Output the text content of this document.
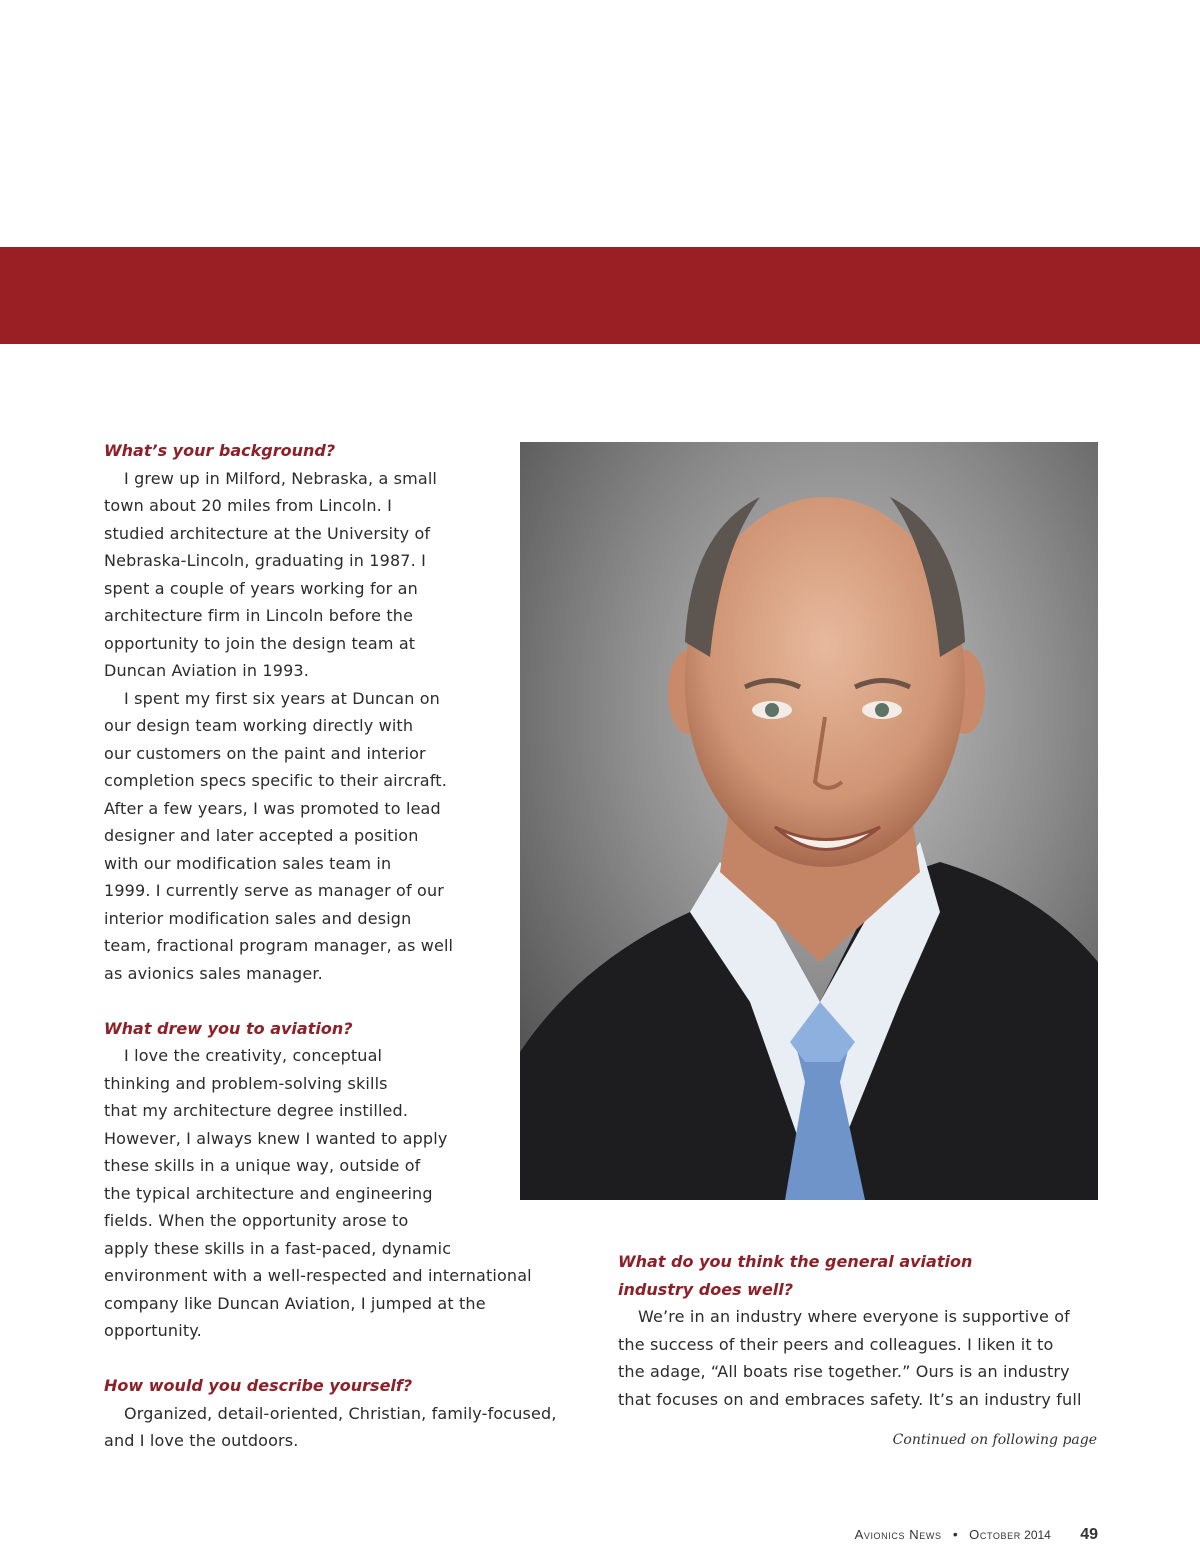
What’s your background?

I grew up in Milford, Nebraska, a small

town about 20 miles from Lincoln. I

studied architecture at the University of

Nebraska-Lincoln, graduating in 1987. I

spent a couple of years working for an

architecture firm in Lincoln before the

opportunity to join the design team at

Duncan Aviation in 1993.

I spent my first six years at Duncan on

our design team working directly with

our customers on the paint and interior

completion specs specific to their aircraft.

After a few years, I was promoted to lead

designer and later accepted a position

with our modification sales team in

1999. I currently serve as manager of our

interior modification sales and design

team, fractional program manager, as well

as avionics sales manager.

What drew you to aviation?

I love the creativity, conceptual

thinking and problem-solving skills

that my architecture degree instilled.

However, I always knew I wanted to apply

these skills in a unique way, outside of

the typical architecture and engineering

fields. When the opportunity arose to

apply these skills in a fast-paced, dynamic

environment with a well-respected and international

company like Duncan Aviation, I jumped at the

opportunity.

How would you describe yourself?

Organized, detail-oriented, Christian, family-focused,

and I love the outdoors.

What do you think the general aviation

industry does well?

We’re in an industry where everyone is supportive of

the success of their peers and colleagues. I liken it to

the adage, “All boats rise together.” Ours is an industry

that focuses on and embraces safety. It’s an industry full

Continued on following page
Avionics News • October 2014 49
